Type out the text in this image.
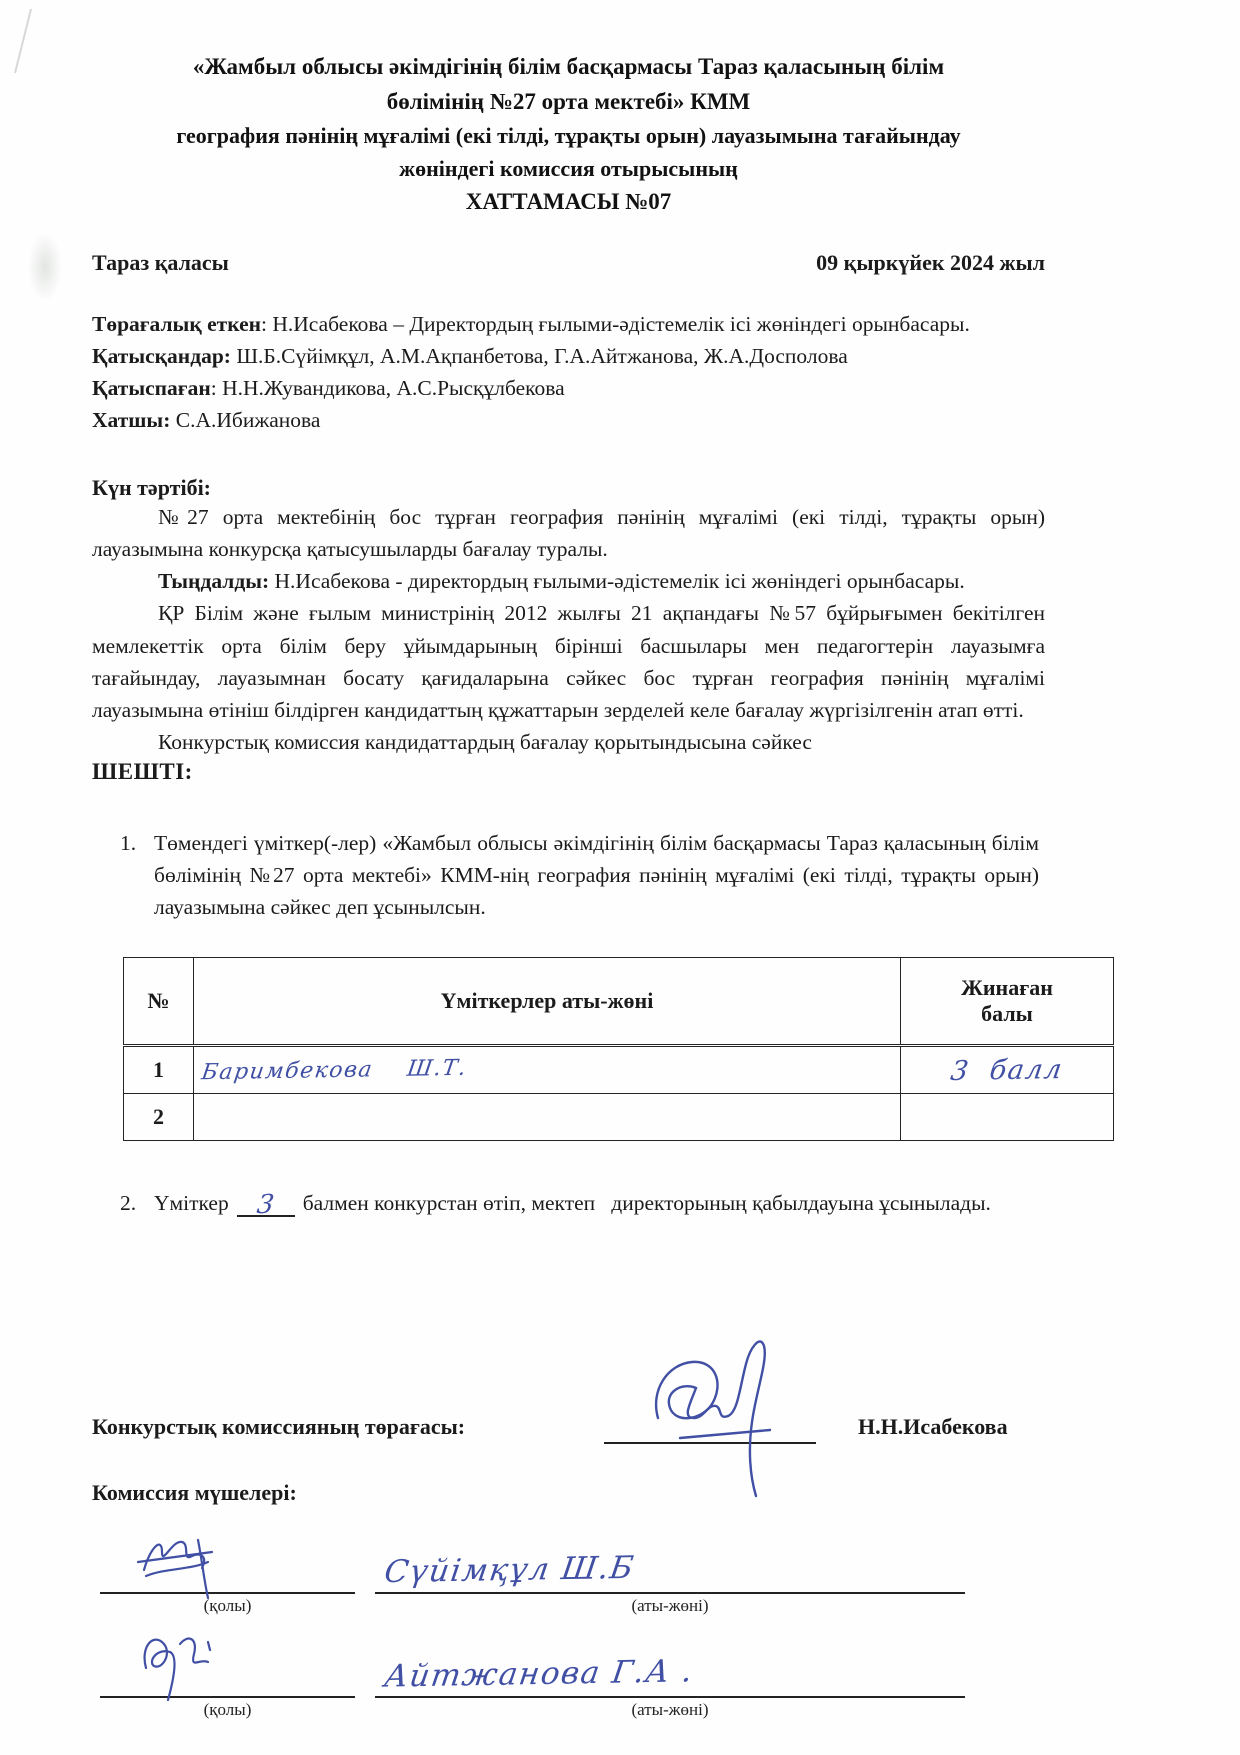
«Жамбыл облысы әкімдігінің білім басқармасы Тараз қаласының білім
бөлімінің №27 орта мектебі» КММ
география пәнінің мұғалімі (екі тілді, тұрақты орын) лауазымына тағайындау
жөніндегі комиссия отырысының
ХАТТАМАСЫ №07
Тараз қаласы	09 қыркүйек 2024 жыл

Төрағалық еткен: Н.Исабекова – Директордың ғылыми-әдістемелік ісі жөніндегі орынбасары.

Қатысқандар: Ш.Б.Сүйімқұл, А.М.Ақпанбетова, Г.А.Айтжанова, Ж.А.Досполова

Қатыспаған: Н.Н.Жувандикова, А.С.Рысқұлбекова

Хатшы: С.А.Ибижанова

Күн тәртібі:

№27 орта мектебінің бос тұрған география пәнінің мұғалімі (екі тілді, тұрақты орын) лауазымына конкурсқа қатысушыларды бағалау туралы.

Тыңдалды: Н.Исабекова - директордың ғылыми-әдістемелік ісі жөніндегі орынбасары.

ҚР Білім және ғылым министрінің 2012 жылғы 21 ақпандағы №57 бұйрығымен бекітілген мемлекеттік орта білім беру ұйымдарының бірінші басшылары мен педагогтерін лауазымға тағайындау, лауазымнан босату қағидаларына сәйкес бос тұрған география пәнінің мұғалімі лауазымына өтініш білдірген кандидаттың құжаттарын зерделей келе бағалау жүргізілгенін атап өтті.

Конкурстық комиссия кандидаттардың бағалау қорытындысына сәйкес

ШЕШТІ:
1. Төмендегі үміткер(-лер) «Жамбыл облысы әкімдігінің білім басқармасы Тараз қаласының білім бөлімінің №27 орта мектебі» КММ-нің география пәнінің мұғалімі (екі тілді, тұрақты орын) лауазымына сәйкес деп ұсынылсын.
№	Үміткерлер аты-жөні	Жинаған
балы

1	Баримбекова    Ш.Т.	3  балл
2		
2. Үміткер 3 балмен конкурстан өтіп, мектеп   директорының қабылдауына ұсынылады.
Конкурстық комиссияның төрағасы:	Н.Н.Исабекова
Комиссия мүшелері:
(қолы)
Сүйімқұл Ш.Б
(аты-жөні)
(қолы)
Айтжанова Г.А .
(аты-жөні)
